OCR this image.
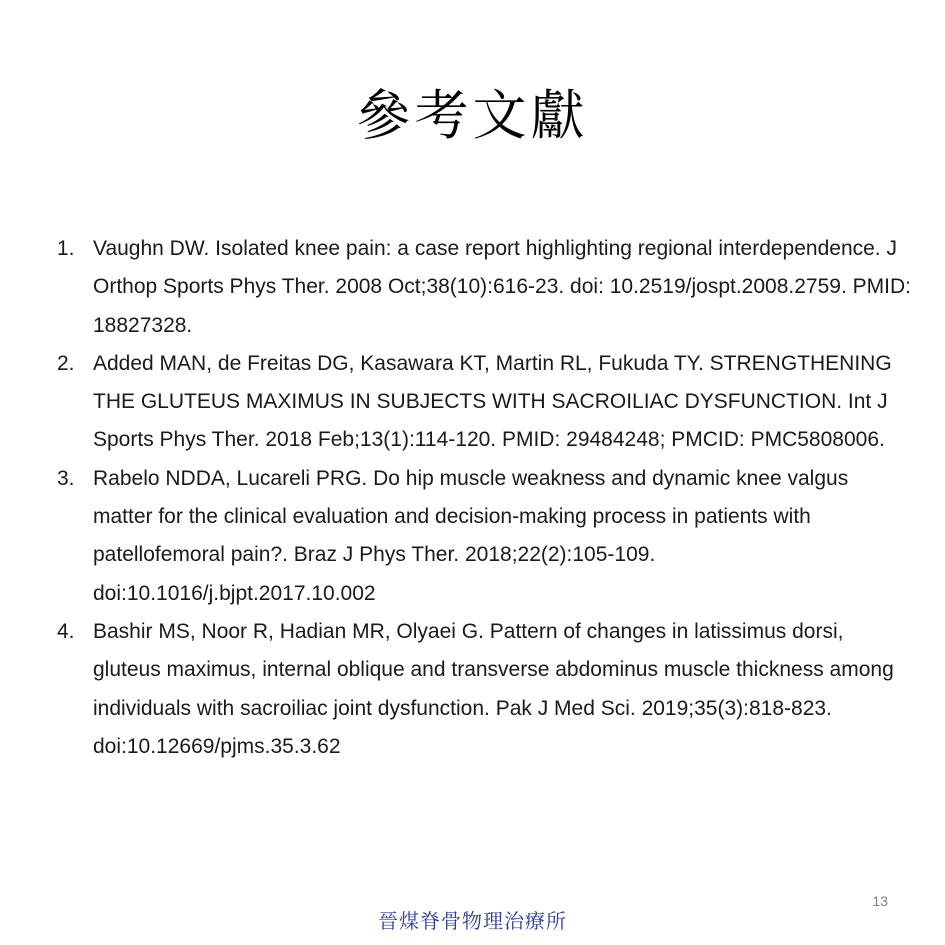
參考文獻
1. Vaughn DW. Isolated knee pain: a case report highlighting regional interdependence. J Orthop Sports Phys Ther. 2008 Oct;38(10):616-23. doi: 10.2519/jospt.2008.2759. PMID: 18827328.
2. Added MAN, de Freitas DG, Kasawara KT, Martin RL, Fukuda TY. STRENGTHENING THE GLUTEUS MAXIMUS IN SUBJECTS WITH SACROILIAC DYSFUNCTION. Int J Sports Phys Ther. 2018 Feb;13(1):114-120. PMID: 29484248; PMCID: PMC5808006.
3. Rabelo NDDA, Lucareli PRG. Do hip muscle weakness and dynamic knee valgus matter for the clinical evaluation and decision-making process in patients with patellofemoral pain?. Braz J Phys Ther. 2018;22(2):105-109. doi:10.1016/j.bjpt.2017.10.002
4. Bashir MS, Noor R, Hadian MR, Olyaei G. Pattern of changes in latissimus dorsi, gluteus maximus, internal oblique and transverse abdominus muscle thickness among individuals with sacroiliac joint dysfunction. Pak J Med Sci. 2019;35(3):818-823. doi:10.12669/pjms.35.3.62
13
晉煤脊骨物理治療所
